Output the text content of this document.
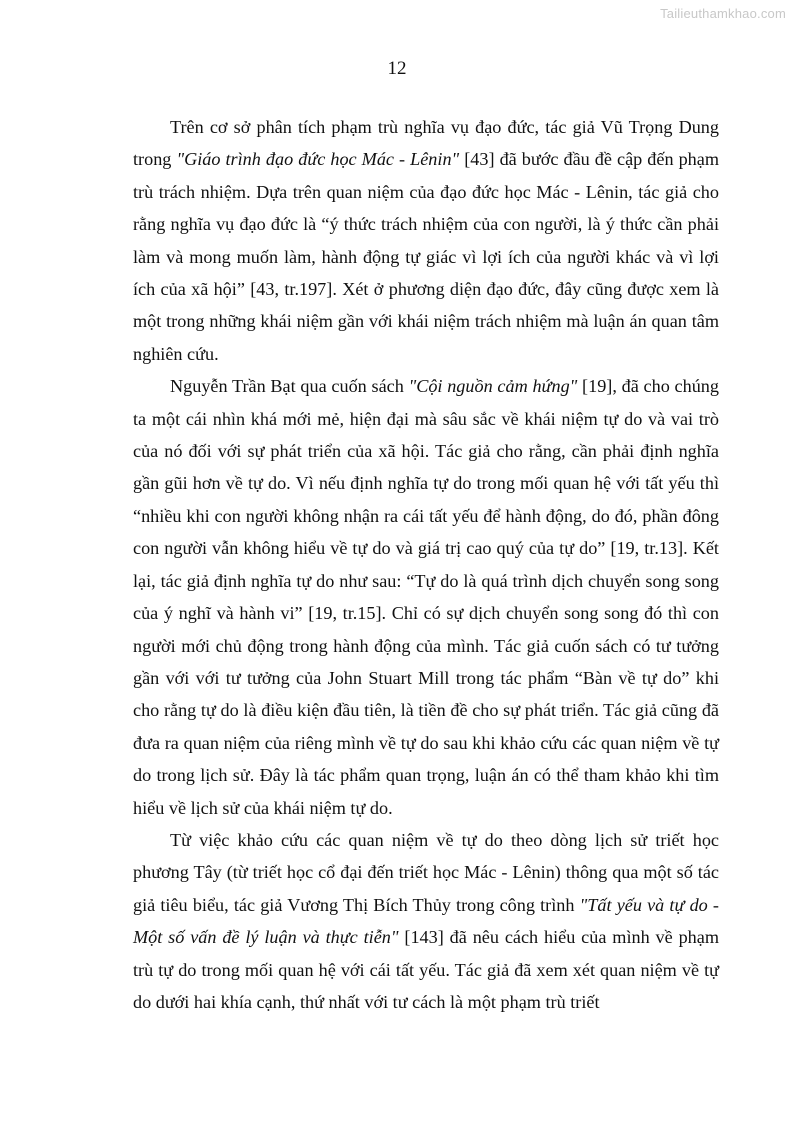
Tailieuthamkhao.com
12

Trên cơ sở phân tích phạm trù nghĩa vụ đạo đức, tác giả Vũ Trọng Dung trong "Giáo trình đạo đức học Mác - Lênin" [43] đã bước đầu đề cập đến phạm trù trách nhiệm. Dựa trên quan niệm của đạo đức học Mác - Lênin, tác giả cho rằng nghĩa vụ đạo đức là “ý thức trách nhiệm của con người, là ý thức cần phải làm và mong muốn làm, hành động tự giác vì lợi ích của người khác và vì lợi ích của xã hội” [43, tr.197]. Xét ở phương diện đạo đức, đây cũng được xem là một trong những khái niệm gần với khái niệm trách nhiệm mà luận án quan tâm nghiên cứu.

Nguyễn Trần Bạt qua cuốn sách "Cội nguồn cảm hứng" [19], đã cho chúng ta một cái nhìn khá mới mẻ, hiện đại mà sâu sắc về khái niệm tự do và vai trò của nó đối với sự phát triển của xã hội. Tác giả cho rằng, cần phải định nghĩa gần gũi hơn về tự do. Vì nếu định nghĩa tự do trong mối quan hệ với tất yếu thì “nhiều khi con người không nhận ra cái tất yếu để hành động, do đó, phần đông con người vẫn không hiểu về tự do và giá trị cao quý của tự do” [19, tr.13]. Kết lại, tác giả định nghĩa tự do như sau: “Tự do là quá trình dịch chuyển song song của ý nghĩ và hành vi” [19, tr.15]. Chỉ có sự dịch chuyển song song đó thì con người mới chủ động trong hành động của mình. Tác giả cuốn sách có tư tưởng gần với với tư tưởng của John Stuart Mill trong tác phẩm “Bàn về tự do” khi cho rằng tự do là điều kiện đầu tiên, là tiền đề cho sự phát triển. Tác giả cũng đã đưa ra quan niệm của riêng mình về tự do sau khi khảo cứu các quan niệm về tự do trong lịch sử. Đây là tác phẩm quan trọng, luận án có thể tham khảo khi tìm hiểu về lịch sử của khái niệm tự do.

Từ việc khảo cứu các quan niệm về tự do theo dòng lịch sử triết học phương Tây (từ triết học cổ đại đến triết học Mác - Lênin) thông qua một số tác giả tiêu biểu, tác giả Vương Thị Bích Thủy trong công trình "Tất yếu và tự do - Một số vấn đề lý luận và thực tiễn" [143] đã nêu cách hiểu của mình về phạm trù tự do trong mối quan hệ với cái tất yếu. Tác giả đã xem xét quan niệm về tự do dưới hai khía cạnh, thứ nhất với tư cách là một phạm trù triết
